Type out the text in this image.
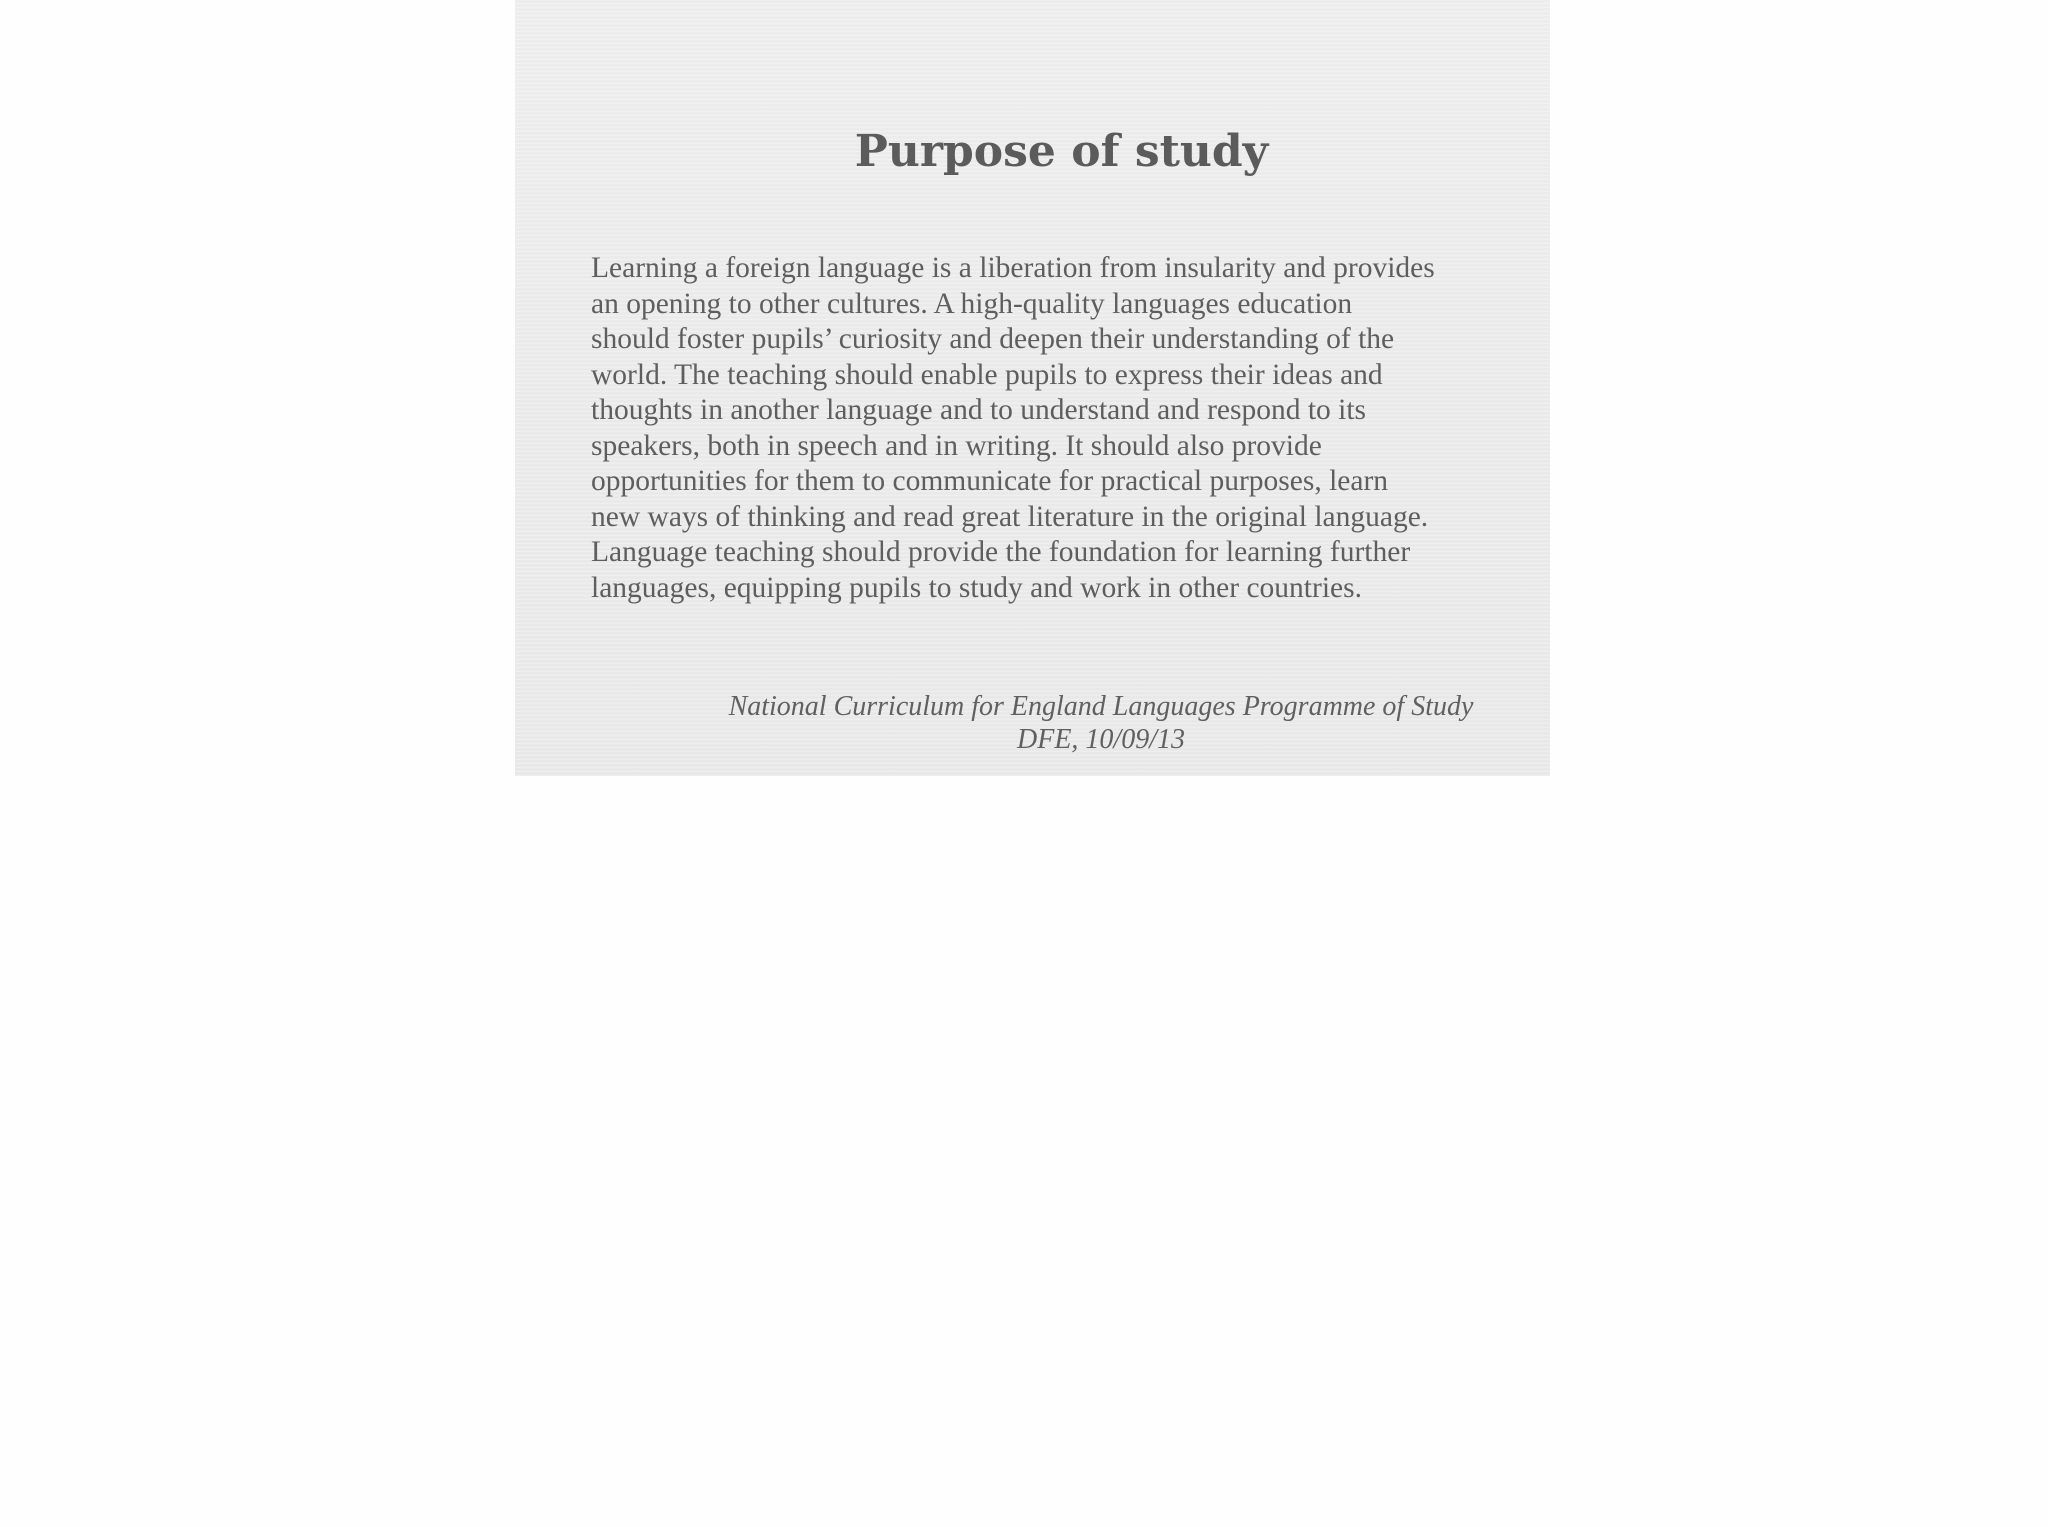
Purpose of study

Learning a foreign language is a liberation from insularity and provides
an opening to other cultures. A high-quality languages education
should foster pupils’ curiosity and deepen their understanding of the
world. The teaching should enable pupils to express their ideas and
thoughts in another language and to understand and respond to its
speakers, both in speech and in writing. It should also provide
opportunities for them to communicate for practical purposes, learn
new ways of thinking and read great literature in the original language.
Language teaching should provide the foundation for learning further
languages, equipping pupils to study and work in other countries.

National Curriculum for England Languages Programme of Study
DFE, 10/09/13
